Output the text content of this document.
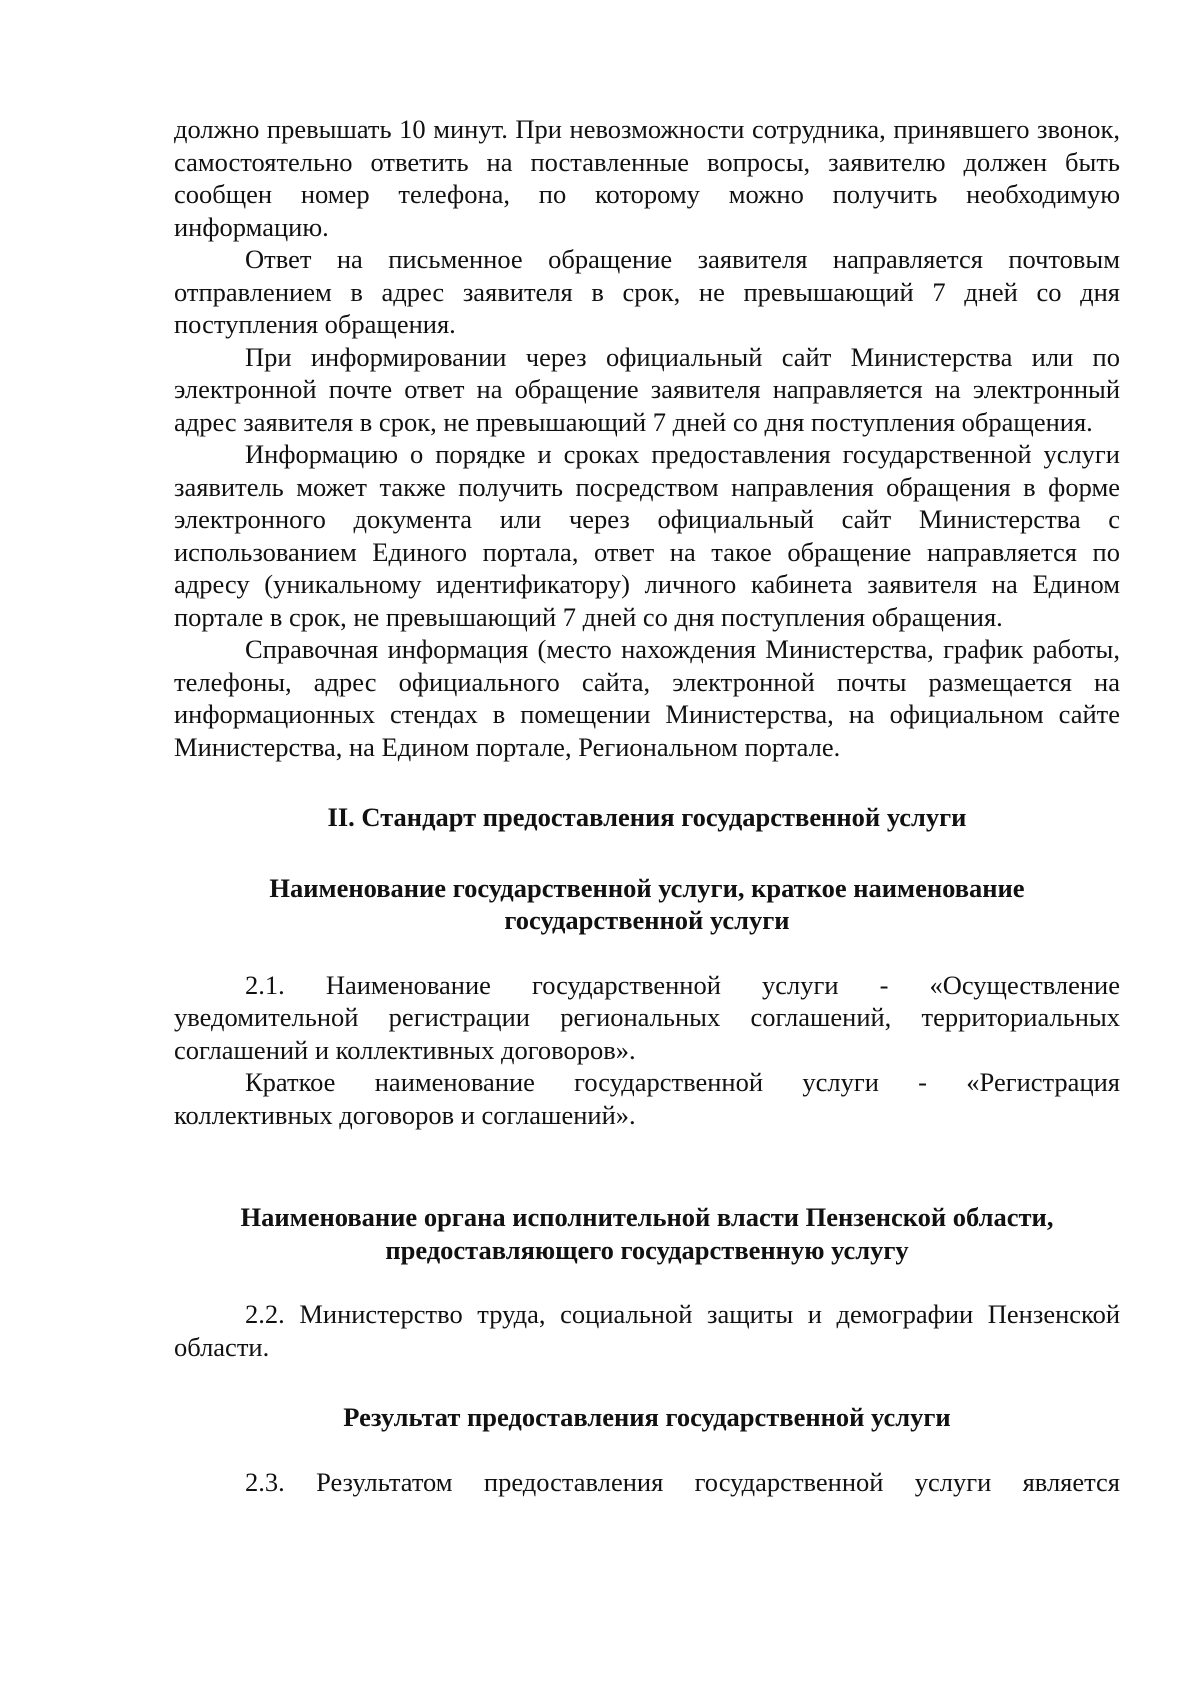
должно превышать 10 минут. При невозможности сотрудника, принявшего звонок, самостоятельно ответить на поставленные вопросы, заявителю должен быть сообщен номер телефона, по которому можно получить необходимую информацию.

Ответ на письменное обращение заявителя направляется почтовым отправлением в адрес заявителя в срок, не превышающий 7 дней со дня поступления обращения.

При информировании через официальный сайт Министерства или по электронной почте ответ на обращение заявителя направляется на электронный адрес заявителя в срок, не превышающий 7 дней со дня поступления обращения.

Информацию о порядке и сроках предоставления государственной услуги заявитель может также получить посредством направления обращения в форме электронного документа или через официальный сайт Министерства с использованием Единого портала, ответ на такое обращение направляется по адресу (уникальному идентификатору) личного кабинета заявителя на Едином портале в срок, не превышающий 7 дней со дня поступления обращения.

Справочная информация (место нахождения Министерства, график работы, телефоны, адрес официального сайта, электронной почты размещается на информационных стендах в помещении Министерства, на официальном сайте Министерства, на Едином портале, Региональном портале.

II. Стандарт предоставления государственной услуги
Наименование государственной услуги, краткое наименование
государственной услуги

2.1. Наименование государственной услуги - «Осуществление уведомительной регистрации региональных соглашений, территориальных соглашений и коллективных договоров».

Краткое наименование государственной услуги - «Регистрация коллективных договоров и соглашений».

Наименование органа исполнительной власти Пензенской области,
предоставляющего государственную услугу

2.2. Министерство труда, социальной защиты и демографии Пензенской области.

Результат предоставления государственной услуги

2.3. Результатом предоставления государственной услуги является
